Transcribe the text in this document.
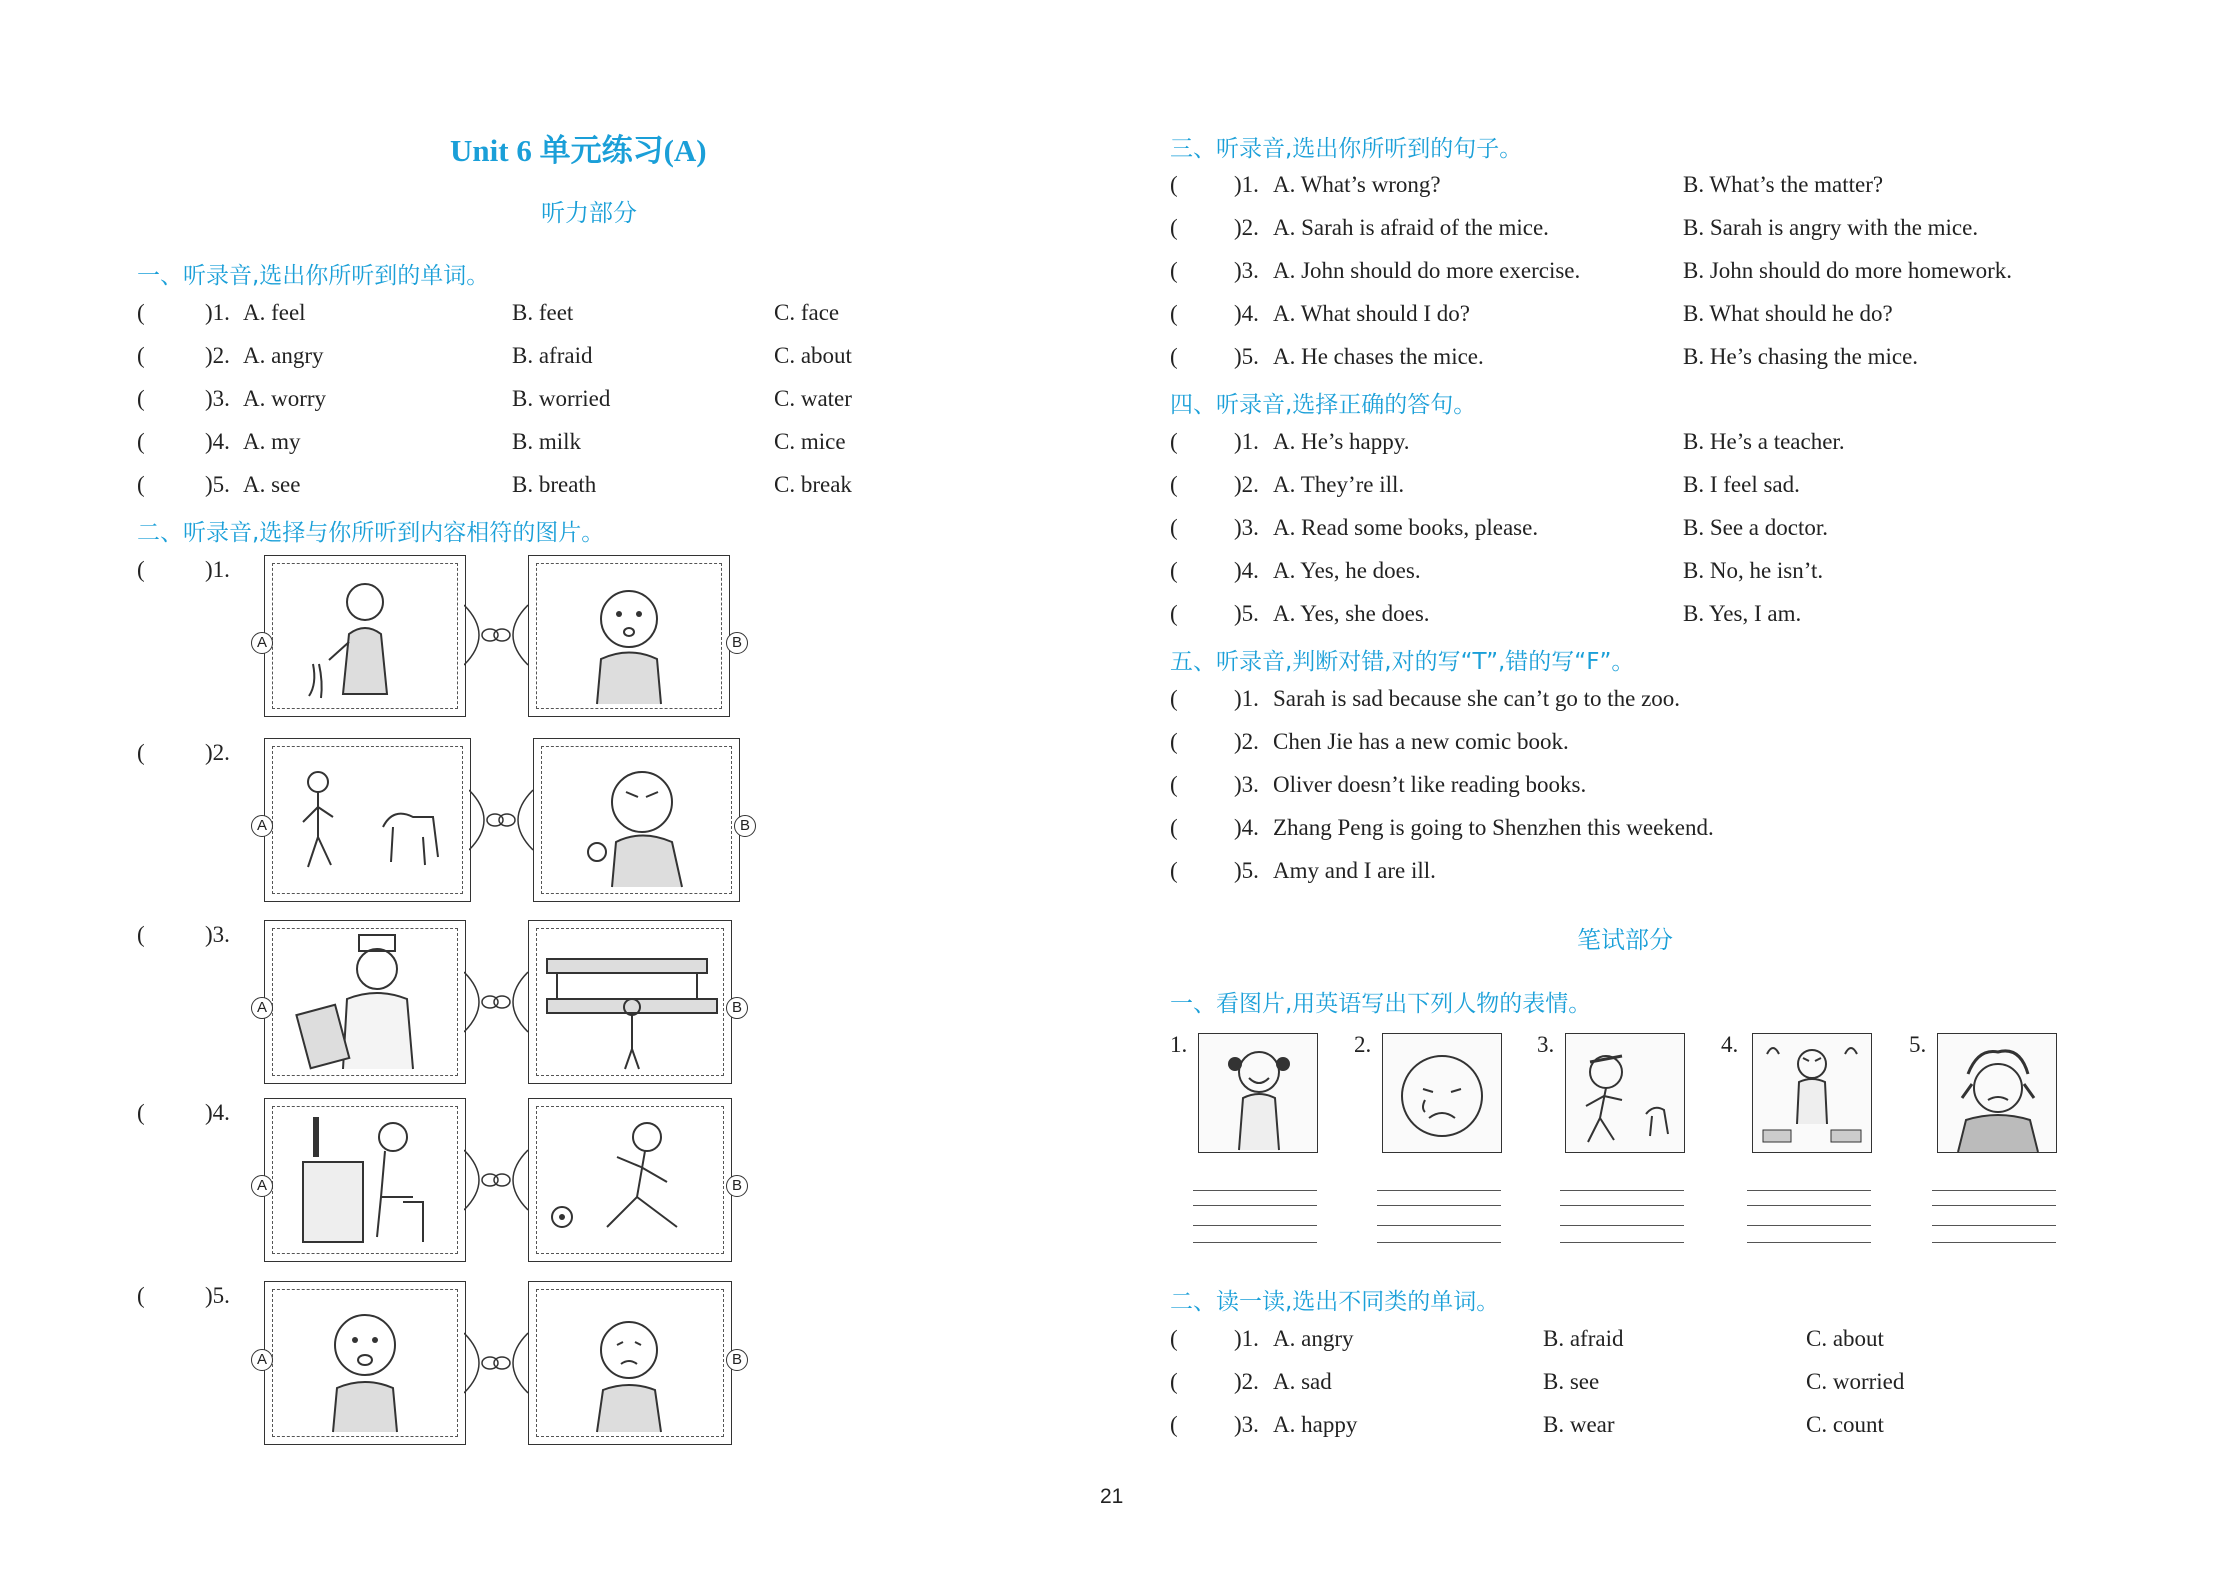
Unit 6 单元练习(A)
听力部分
笔试部分
一、听录音,选出你所听到的单词。
(	)1. A. feel	B. feet	C. face
(	)2. A. angry	B. afraid	C. about
(	)3. A. worry	B. worried	C. water
(	)4. A. my	B. milk	C. mice
(	)5. A. see	B. breath	C. break
二、听录音,选择与你所听到内容相符的图片。
(	)1.
A	B
(	)2.
A	B
(	)3.
A	B
(	)4.
A	B
(	)5.
A	B
三、听录音,选出你所听到的句子。
( )1. A. What’s wrong?	B. What’s the matter?
( )2. A. Sarah is afraid of the mice.	B. Sarah is angry with the mice.
( )3. A. John should do more exercise.	B. John should do more homework.
( )4. A. What should I do?	B. What should he do?
( )5. A. He chases the mice.	B. He’s chasing the mice.
四、听录音,选择正确的答句。
( )1. A. He’s happy.	B. He’s a teacher.
( )2. A. They’re ill.	B. I feel sad.
( )3. A. Read some books, please.	B. See a doctor.
( )4. A. Yes, he does.	B. No, he isn’t.
( )5. A. Yes, she does.	B. Yes, I am.
五、听录音,判断对错,对的写“T”,错的写“F”。
( )1. Sarah is sad because she can’t go to the zoo.
( )2. Chen Jie has a new comic book.
( )3. Oliver doesn’t like reading books.
( )4. Zhang Peng is going to Shenzhen this weekend.
( )5. Amy and I are ill.
一、看图片,用英语写出下列人物的表情。
1.	2.	3.	4.	5.
二、读一读,选出不同类的单词。
( )1. A. angry	B. afraid	C. about
( )2. A. sad	B. see	C. worried
( )3. A. happy	B. wear	C. count
21
